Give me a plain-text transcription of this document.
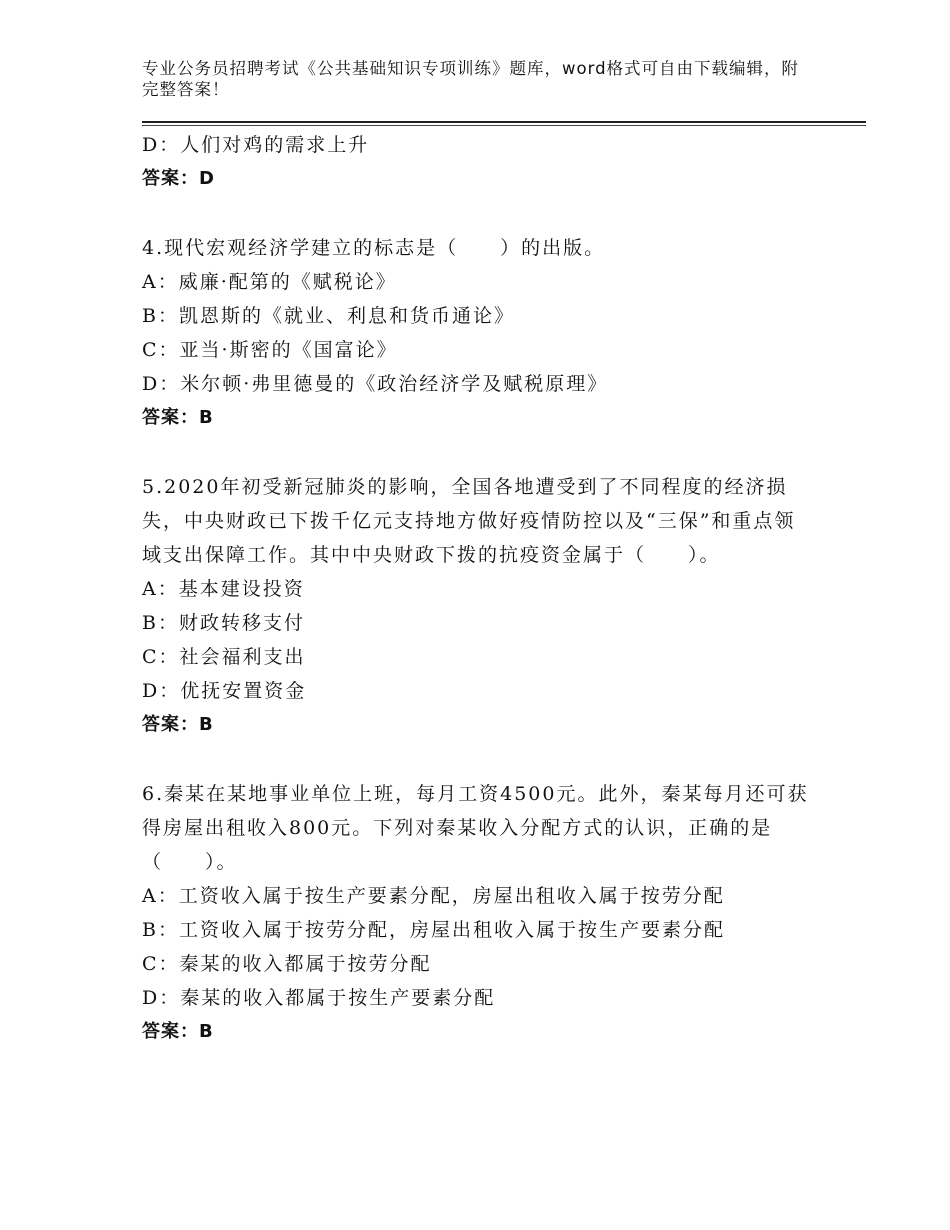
专业公务员招聘考试《公共基础知识专项训练》题库，word格式可自由下载编辑，附完整答案！
D：人们对鸡的需求上升
答案：D
4.现代宏观经济学建立的标志是（　　）的出版。
A：威廉·配第的《赋税论》
B：凯恩斯的《就业、利息和货币通论》
C：亚当·斯密的《国富论》
D：米尔顿·弗里德曼的《政治经济学及赋税原理》
答案：B
5.2020年初受新冠肺炎的影响，全国各地遭受到了不同程度的经济损失，中央财政已下拨千亿元支持地方做好疫情防控以及“三保”和重点领域支出保障工作。其中中央财政下拨的抗疫资金属于（　　）。
A：基本建设投资
B：财政转移支付
C：社会福利支出
D：优抚安置资金
答案：B
6.秦某在某地事业单位上班，每月工资4500元。此外，秦某每月还可获得房屋出租收入800元。下列对秦某收入分配方式的认识，正确的是（　　）。
A：工资收入属于按生产要素分配，房屋出租收入属于按劳分配
B：工资收入属于按劳分配，房屋出租收入属于按生产要素分配
C：秦某的收入都属于按劳分配
D：秦某的收入都属于按生产要素分配
答案：B
